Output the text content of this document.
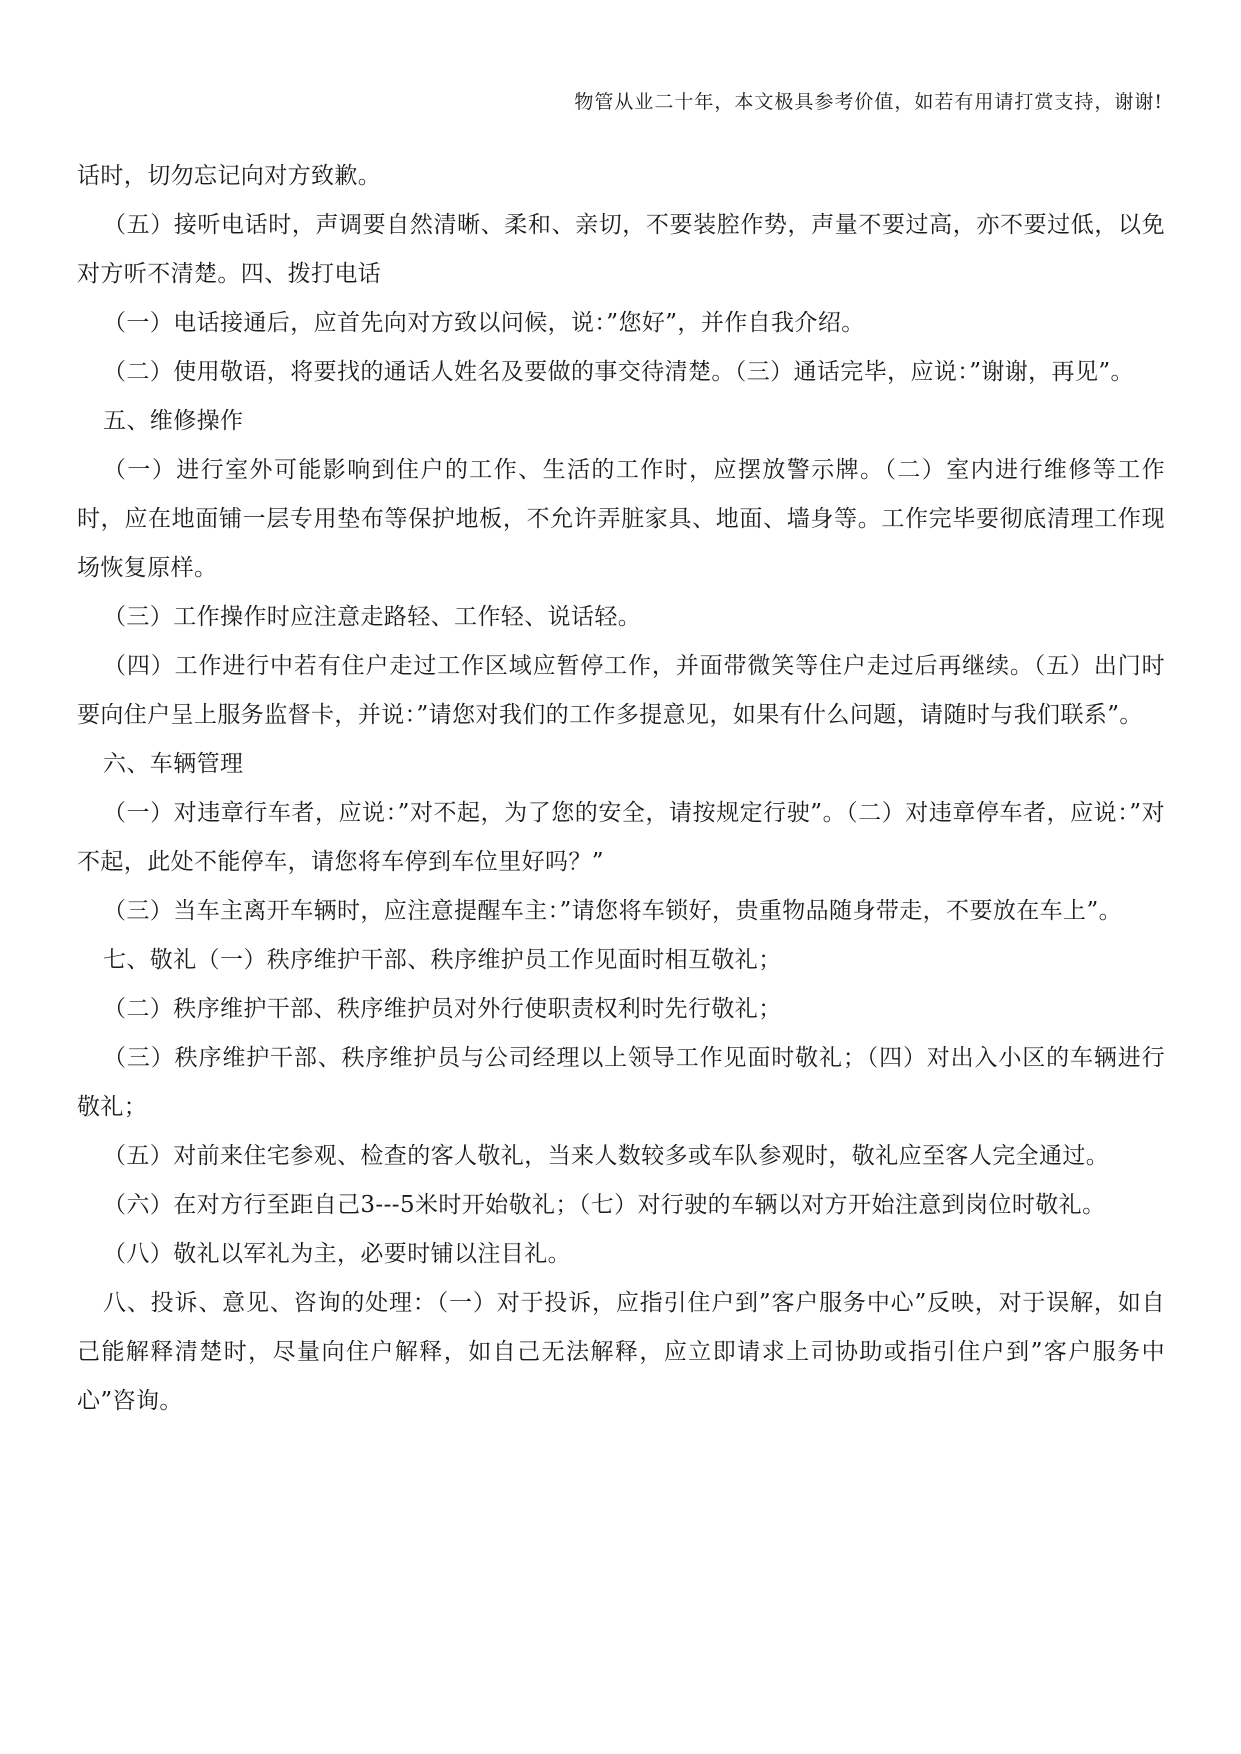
物管从业二十年，本文极具参考价值，如若有用请打赏支持，谢谢!

话时，切勿忘记向对方致歉。

（五）接听电话时，声调要自然清晰、柔和、亲切，不要装腔作势，声量不要过高，亦不要过低，以免对方听不清楚。四、拨打电话

（一）电话接通后，应首先向对方致以问候，说：”您好”，并作自我介绍。

（二）使用敬语，将要找的通话人姓名及要做的事交待清楚。（三）通话完毕，应说：”谢谢，再见”。

五、维修操作

（一）进行室外可能影响到住户的工作、生活的工作时，应摆放警示牌。（二）室内进行维修等工作时，应在地面铺一层专用垫布等保护地板，不允许弄脏家具、地面、墙身等。工作完毕要彻底清理工作现场恢复原样。

（三）工作操作时应注意走路轻、工作轻、说话轻。

（四）工作进行中若有住户走过工作区域应暂停工作，并面带微笑等住户走过后再继续。（五）出门时要向住户呈上服务监督卡，并说：”请您对我们的工作多提意见，如果有什么问题，请随时与我们联系”。

六、车辆管理

（一）对违章行车者，应说：”对不起，为了您的安全，请按规定行驶”。（二）对违章停车者，应说：”对不起，此处不能停车，请您将车停到车位里好吗？”

（三）当车主离开车辆时，应注意提醒车主：”请您将车锁好，贵重物品随身带走，不要放在车上”。

七、敬礼（一）秩序维护干部、秩序维护员工作见面时相互敬礼；

（二）秩序维护干部、秩序维护员对外行使职责权利时先行敬礼；

（三）秩序维护干部、秩序维护员与公司经理以上领导工作见面时敬礼；（四）对出入小区的车辆进行敬礼；

（五）对前来住宅参观、检查的客人敬礼，当来人数较多或车队参观时，敬礼应至客人完全通过。

（六）在对方行至距自己3---5米时开始敬礼；（七）对行驶的车辆以对方开始注意到岗位时敬礼。

（八）敬礼以军礼为主，必要时铺以注目礼。

八、投诉、意见、咨询的处理：（一）对于投诉，应指引住户到”客户服务中心”反映，对于误解，如自己能解释清楚时，尽量向住户解释，如自己无法解释，应立即请求上司协助或指引住户到”客户服务中心”咨询。
